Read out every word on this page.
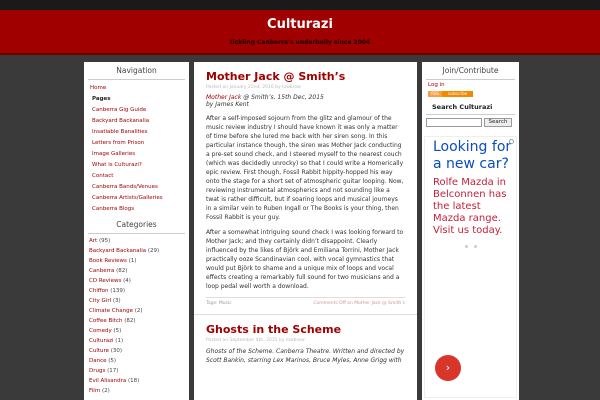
Culturazi
tickling Canberra's underbelly since 2004
Navigation
Home
Pages
Canberra Gig Guide
Backyard Backanalia
Insatiable Banalities
Letters from Prison
Image Galleries
What is Culturazi?
Contact
Canberra Bands/Venues
Canberra Artists/Galleries
Canberra Blogs
Categories
Art (95)
Backyard Backanalia (29)
Book Reviews (1)
Canberra (82)
CD Reviews (4)
Chiffon (139)
City Girl (3)
Climate Change (2)
Coffee Bitch (82)
Comedy (5)
Culturazi (1)
Culture (30)
Dance (5)
Drugs (17)
Evil Alisandra (18)
Film (2)
Mother Jack @ Smith’s
Posted on January 22nd, 2016 by lowbrow
Mother Jack @ Smith’s, 15th Dec, 2015
by James Kent

After a self-imposed sojourn from the glitz and glamour of the music review industry I should have known it was only a matter of time before she lured me back with her siren song. In this particular instance though, the siren was Mother Jack conducting a pre-set sound check, and I steered myself to the nearest couch (which was decidedly unrocky) so that I could write a Homerically epic review. First though, Fossil Rabbit hippity-hopped his way onto the stage for a short set of atmospheric guitar looping. Now, reviewing instrumental atmospherics and not sounding like a twat is rather difficult, but if soaring loops and musical journeys in a similar vein to Ruben Ingall or The Books is your thing, then Fossil Rabbit is your guy.

After a somewhat intriguing sound check I was looking forward to Mother Jack; and they certainly didn’t disappoint. Clearly influenced by the likes of Björk and Emiliana Torrini, Mother Jack practically ooze Scandinavian cool, with vocal gymnastics that would put Björk to shame and a unique mix of loops and vocal effects creating a remarkably full sound for two musicians and a loop pedal well worth a download.

Tags: Music	Comments Off on Mother Jack @ Smith’s
Ghosts in the Scheme
Posted on September 4th, 2015 by lowbrow
Ghosts of the Scheme. Canberra Theatre. Written and directed by Scott Bankin, starring Lex Marinos, Bruce Myles, Anne Grigg with
Join/Contribute
Log in
RSS	subscribe
Search Culturazi
Search
Looking for a new car?
Rolfe Mazda in Belconnen has the latest Mazda range. Visit us today.
›
